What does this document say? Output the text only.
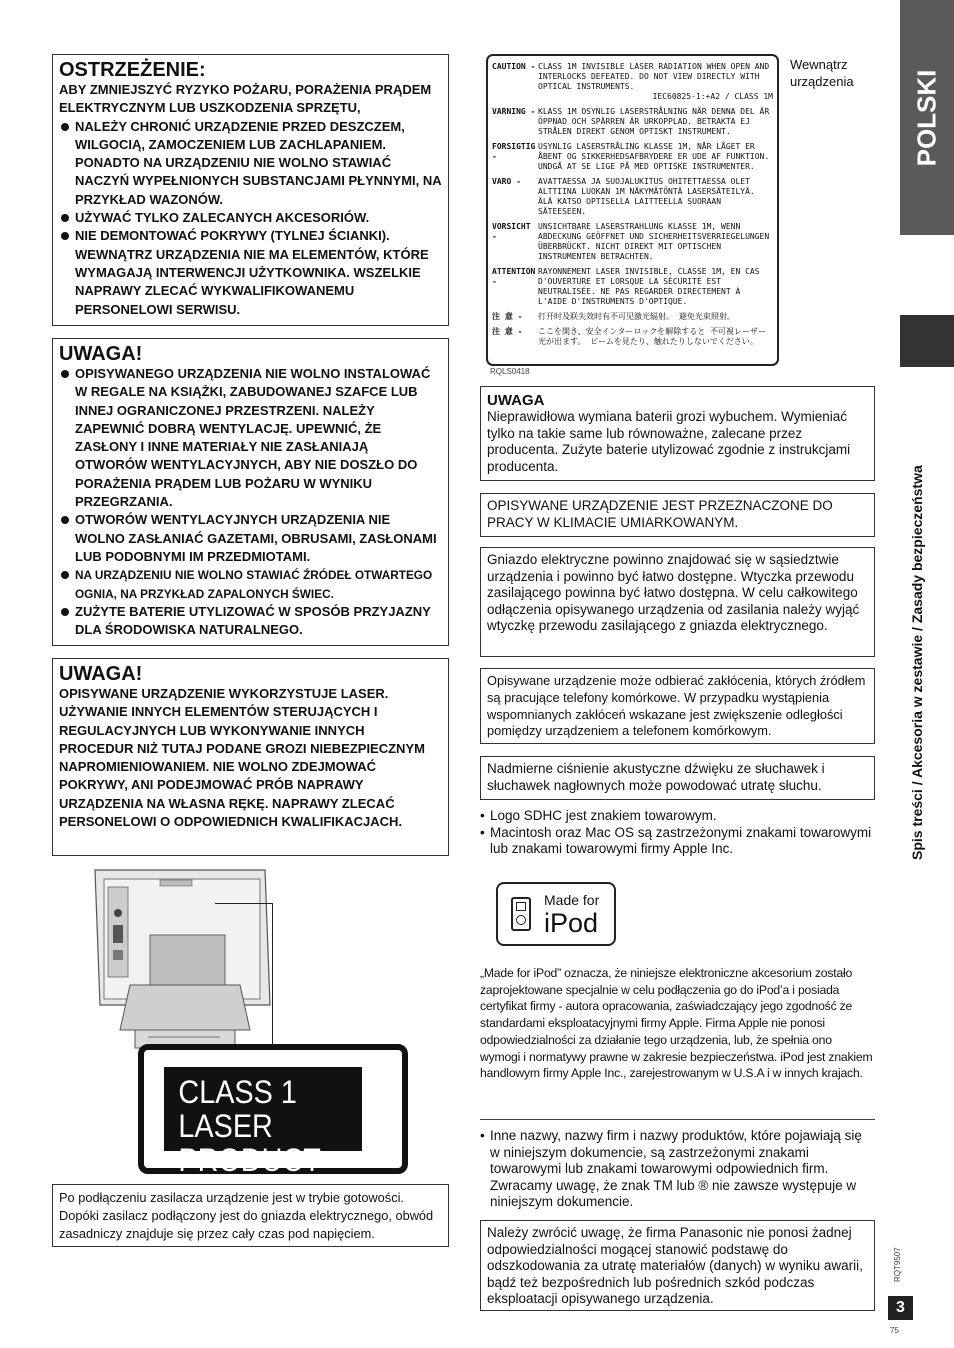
POLSKI
Spis treści / Akcesoria w zestawie / Zasady bezpieczeństwa
RQT9507
3
75
OSTRZEŻENIE:
ABY ZMNIEJSZYĆ RYZYKO POŻARU, PORAŻENIA PRĄDEM ELEKTRYCZNYM LUB USZKODZENIA SPRZĘTU,
NALEŻY CHRONIĆ URZĄDZENIE PRZED DESZCZEM, WILGOCIĄ, ZAMOCZENIEM LUB ZACHLAPANIEM. PONADTO NA URZĄDZENIU NIE WOLNO STAWIAĆ NACZYŃ WYPEŁNIONYCH SUBSTANCJAMI PŁYNNYMI, NA PRZYKŁAD WAZONÓW.
UŻYWAĆ TYLKO ZALECANYCH AKCESORIÓW.
NIE DEMONTOWAĆ POKRYWY (TYLNEJ ŚCIANKI). WEWNĄTRZ URZĄDZENIA NIE MA ELEMENTÓW, KTÓRE WYMAGAJĄ INTERWENCJI UŻYTKOWNIKA. WSZELKIE NAPRAWY ZLECAĆ WYKWALIFIKOWANEMU PERSONELOWI SERWISU.
UWAGA!
OPISYWANEGO URZĄDZENIA NIE WOLNO INSTALOWAĆ W REGALE NA KSIĄŻKI, ZABUDOWANEJ SZAFCE LUB INNEJ OGRANICZONEJ PRZESTRZENI. NALEŻY ZAPEWNIĆ DOBRĄ WENTYLACJĘ. UPEWNIĆ, ŻE ZASŁONY I INNE MATERIAŁY NIE ZASŁANIAJĄ OTWORÓW WENTYLACYJNYCH, ABY NIE DOSZŁO DO PORAŻENIA PRĄDEM LUB POŻARU W WYNIKU PRZEGRZANIA.
OTWORÓW WENTYLACYJNYCH URZĄDZENIA NIE WOLNO ZASŁANIAĆ GAZETAMI, OBRUSAMI, ZASŁONAMI LUB PODOBNYMI IM PRZEDMIOTAMI.
NA URZĄDZENIU NIE WOLNO STAWIAĆ ŹRÓDEŁ OTWARTEGO OGNIA, NA PRZYKŁAD ZAPALONYCH ŚWIEC.
ZUŻYTE BATERIE UTYLIZOWAĆ W SPOSÓB PRZYJAZNY DLA ŚRODOWISKA NATURALNEGO.
UWAGA!
OPISYWANE URZĄDZENIE WYKORZYSTUJE LASER. UŻYWANIE INNYCH ELEMENTÓW STERUJĄCYCH I REGULACYJNYCH LUB WYKONYWANIE INNYCH PROCEDUR NIŻ TUTAJ PODANE GROZI NIEBEZPIECZNYM NAPROMIENIOWANIEM. NIE WOLNO ZDEJMOWAĆ POKRYWY, ANI PODEJMOWAĆ PRÓB NAPRAWY URZĄDZENIA NA WŁASNA RĘKĘ. NAPRAWY ZLECAĆ PERSONELOWI O ODPOWIEDNICH KWALIFIKACJACH.
CLASS 1
LASER PRODUCT
Po podłączeniu zasilacza urządzenie jest w trybie gotowości. Dopóki zasilacz podłączony jest do gniazda elektrycznego, obwód zasadniczy znajduje się przez cały czas pod napięciem.
CAUTION - CLASS 1M INVISIBLE LASER RADIATION WHEN OPEN AND INTERLOCKS DEFEATED. DO NOT VIEW DIRECTLY WITH OPTICAL INSTRUMENTS.

IEC60825-1:+A2 / CLASS 1M
VARNING - KLASS 1M OSYNLIG LASERSTRÅLNING NÄR DENNA DEL ÄR ÖPPNAD OCH SPÄRREN ÄR URKOPPLAD. BETRAKTA EJ STRÅLEN DIREKT GENOM OPTISKT INSTRUMENT.
FORSIGTIG -
USYNLIG LASERSTRÅLING KLASSE 1M, NÅR LÅGET ER ÅBENT OG SIKKERHEDSAFBRYDERE ER UDE AF FUNKTION. UNDGÅ AT SE LIGE PÅ MED OPTISKE INSTRUMENTER.
VARO -	AVATTAESSA JA SUOJALUKITUS OHITETTAESSA OLET ALTTIINA LUOKAN 1M NÄKYMÄTÖNTÄ LASERSÄTEILYÄ. ÄLÄ KATSO OPTISELLA LAITTEELLA SUORAAN SÄTEESEEN.
VORSICHT -
UNSICHTBARE LASERSTRAHLUNG KLASSE 1M, WENN ABDECKUNG GEÖFFNET UND SICHERHEITSVERRIEGELUNGEN ÜBERBRÜCKT. NICHT DIREKT MIT OPTISCHEN INSTRUMENTEN BETRACHTEN.
ATTENTION -
RAYONNEMENT LASER INVISIBLE, CLASSE 1M, EN CAS D'OUVERTURE ET LORSQUE LA SÉCURITÉ EST NEUTRALISÉE. NE PAS REGARDER DIRECTEMENT À L'AIDE D'INSTRUMENTS D'OPTIQUE.
注 意 -	打开时及联失效时有不可见激光辐射。 避免光束照射。
注 意 -	ここを開き、安全インターロックを解除すると 不可視レーザー光が出ます。 ビームを見たり、触れたりしないでください。
Wewnątrz urządzenia
RQLS0418
UWAGA
Nieprawidłowa wymiana baterii grozi wybuchem. Wymieniać tylko na takie same lub równoważne, zalecane przez producenta. Zużyte baterie utylizować zgodnie z instrukcjami producenta.
OPISYWANE URZĄDZENIE JEST PRZEZNACZONE DO PRACY W KLIMACIE UMIARKOWANYM.
Gniazdo elektryczne powinno znajdować się w sąsiedztwie urządzenia i powinno być łatwo dostępne. Wtyczka przewodu zasilającego powinna być łatwo dostępna. W celu całkowitego odłączenia opisywanego urządzenia od zasilania należy wyjąć wtyczkę przewodu zasilającego z gniazda elektrycznego.
Opisywane urządzenie może odbierać zakłócenia, których źródłem są pracujące telefony komórkowe. W przypadku wystąpienia wspomnianych zakłóceń wskazane jest zwiększenie odległości pomiędzy urządzeniem a telefonem komórkowym.
Nadmierne ciśnienie akustyczne dźwięku ze słuchawek i słuchawek nagłownych może powodować utratę słuchu.
• Logo SDHC jest znakiem towarowym.
• Macintosh oraz Mac OS są zastrzeżonymi znakami towarowymi lub znakami towarowymi firmy Apple Inc.
Made for
iPod
„Made for iPod” oznacza, że niniejsze elektroniczne akcesorium zostało zaprojektowane specjalnie w celu podłączenia go do iPod’a i posiada certyfikat firmy - autora opracowania, zaświadczający jego zgodność ze standardami eksploatacyjnymi firmy Apple. Firma Apple nie ponosi odpowiedzialności za działanie tego urządzenia, lub, że spełnia ono wymogi i normatywy prawne w zakresie bezpieczeństwa. iPod jest znakiem handlowym firmy Apple Inc., zarejestrowanym w U.S.A i w innych krajach.
• Inne nazwy, nazwy firm i nazwy produktów, które pojawiają się w niniejszym dokumencie, są zastrzeżonymi znakami towarowymi lub znakami towarowymi odpowiednich firm. Zwracamy uwagę, że znak TM lub ® nie zawsze występuje w niniejszym dokumencie.
Należy zwrócić uwagę, że firma Panasonic nie ponosi żadnej odpowiedzialności mogącej stanowić podstawę do odszkodowania za utratę materiałów (danych) w wyniku awarii, bądź też bezpośrednich lub pośrednich szkód podczas eksploatacji opisywanego urządzenia.
